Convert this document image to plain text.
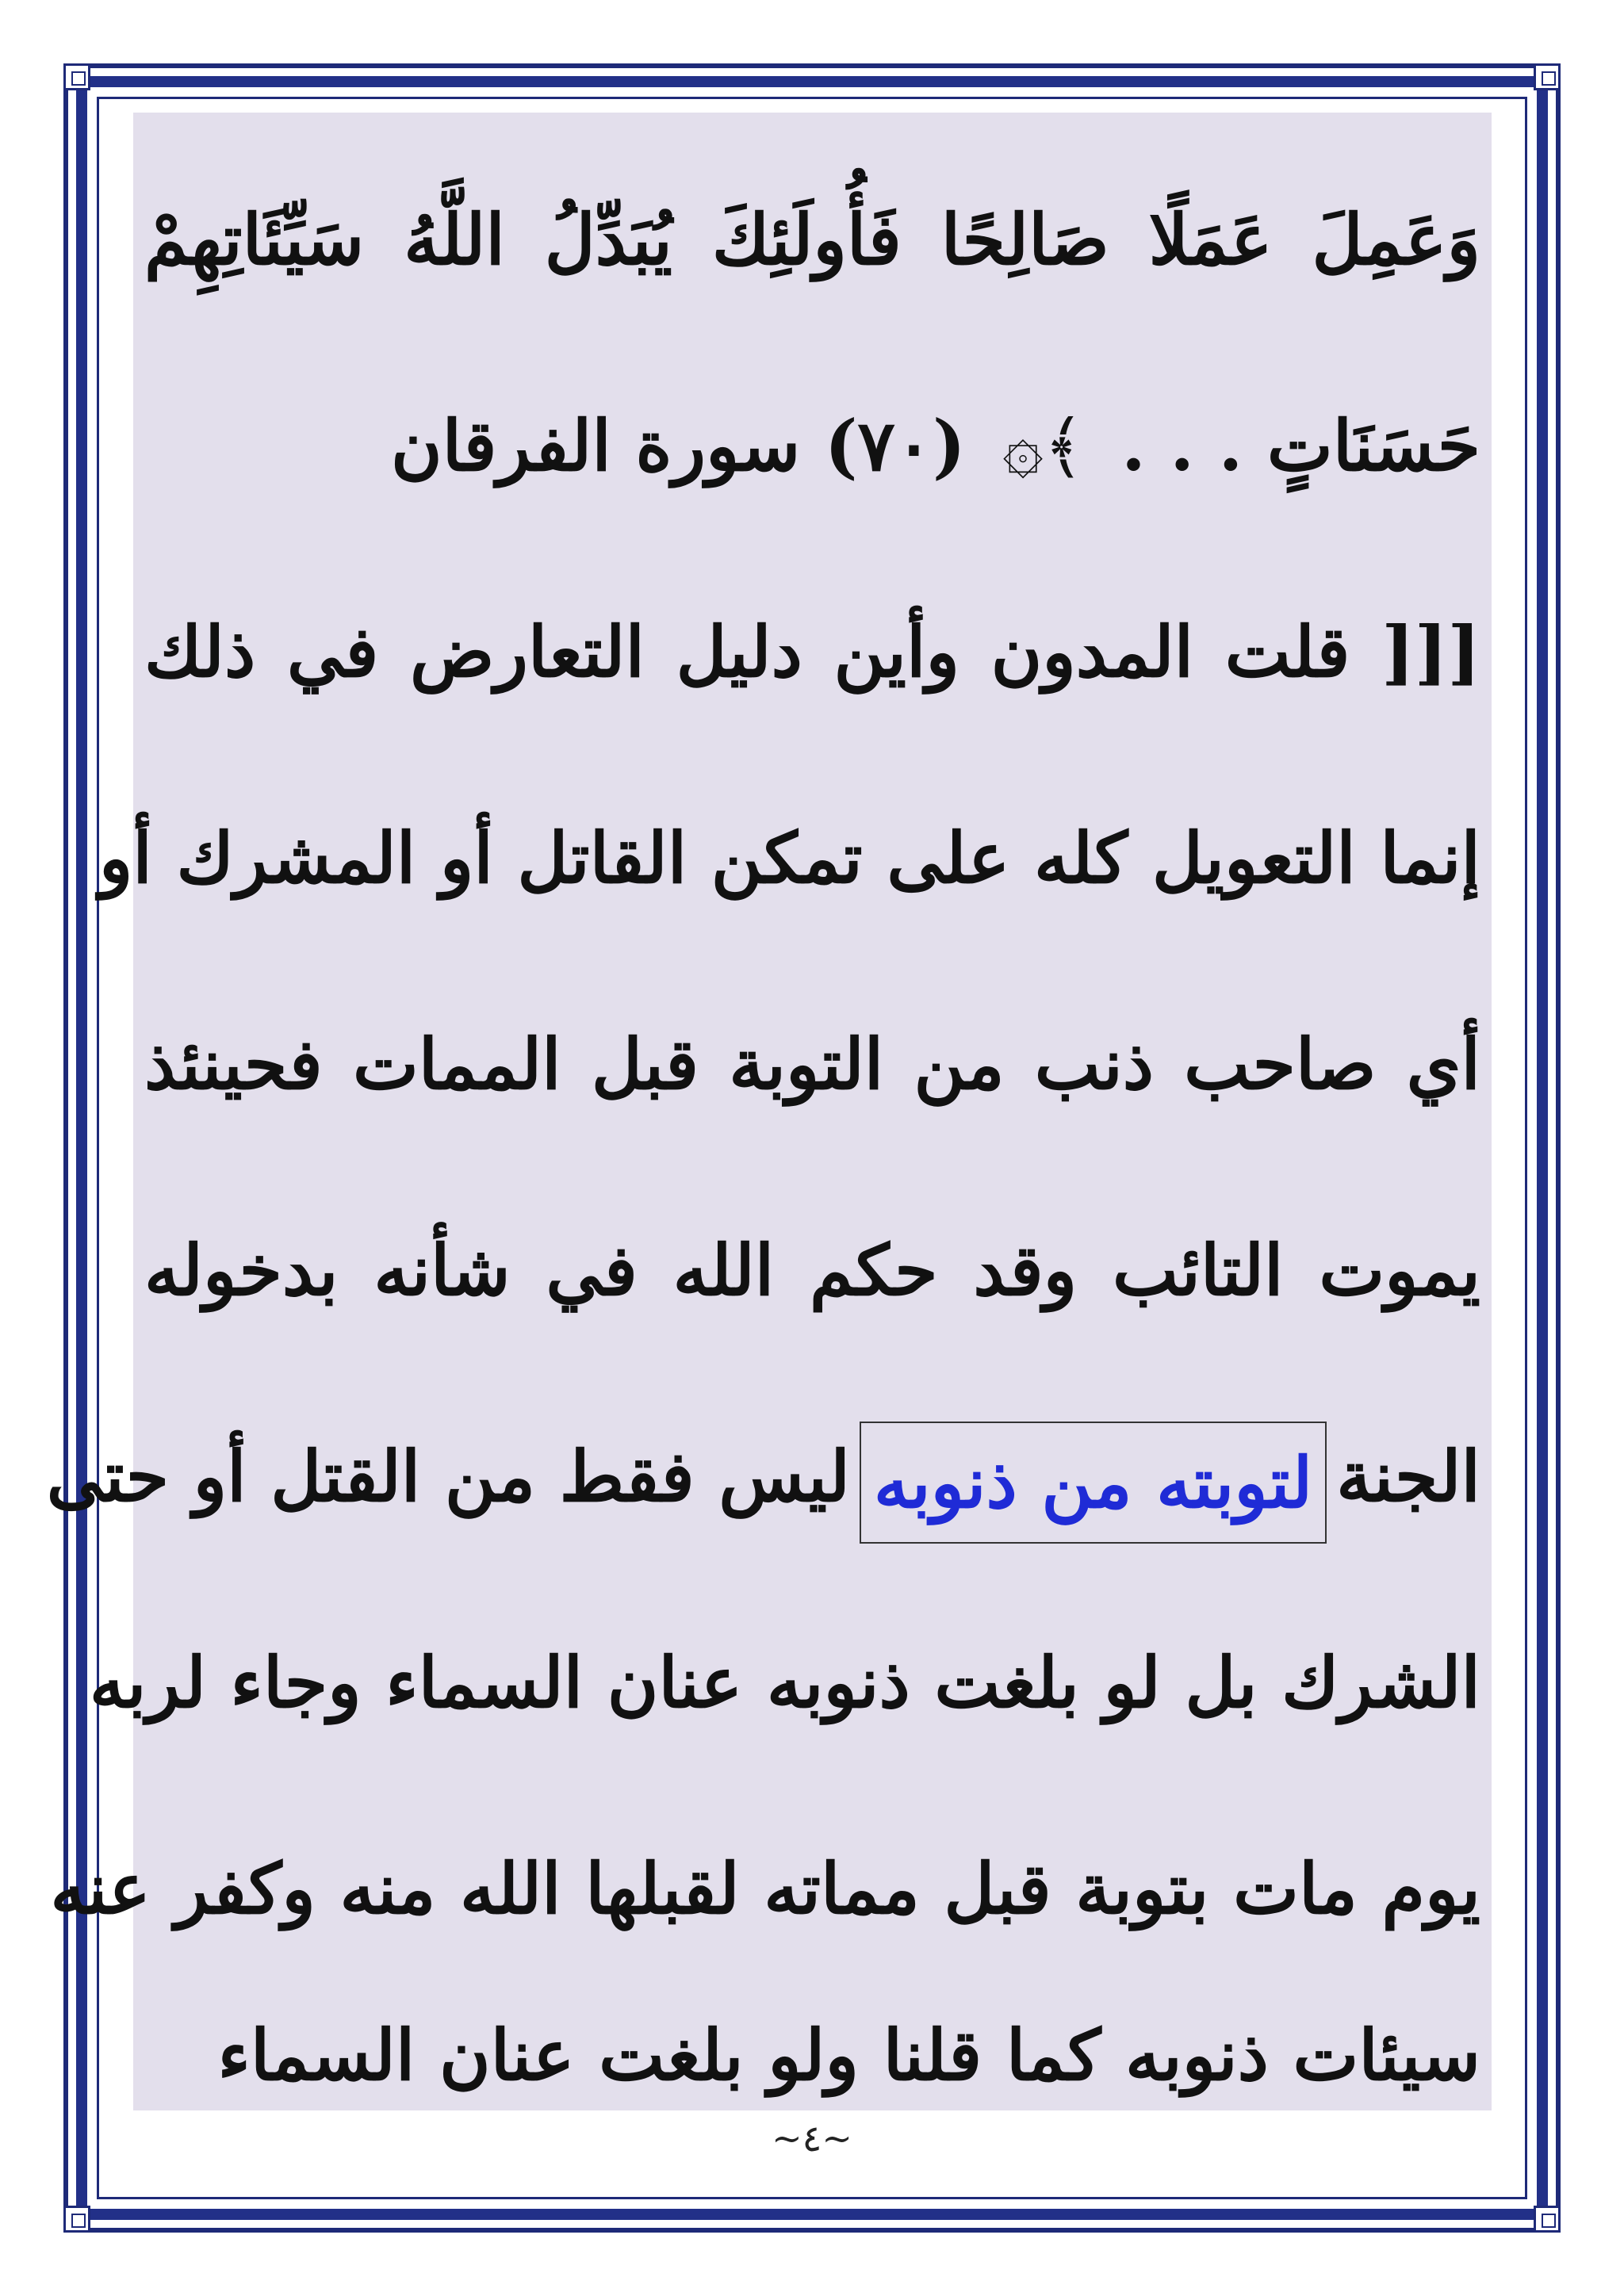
وَعَمِلَ عَمَلًا صَالِحًا فَأُولَئِكَ يُبَدِّلُ اللَّهُ سَيِّئَاتِهِمْ
حَسَنَاتٍ . . . ﴾۞ (٧٠) سورة الفرقان
[[[ قلت المدون وأين دليل التعارض في ذلك
إنما التعويل كله على تمكن القاتل أو المشرك أو
أي صاحب ذنب من التوبة قبل الممات فحينئذ
يموت التائب وقد حكم الله في شأنه بدخوله
الجنةلتوبته من ذنوبهليس فقط من القتل أو حتى
الشرك بل لو بلغت ذنوبه عنان السماء وجاء لربه
يوم مات بتوبة قبل مماته لقبلها الله منه وكفر عنه
سيئات ذنوبه كما قلنا ولو بلغت عنان السماء
~٤~
